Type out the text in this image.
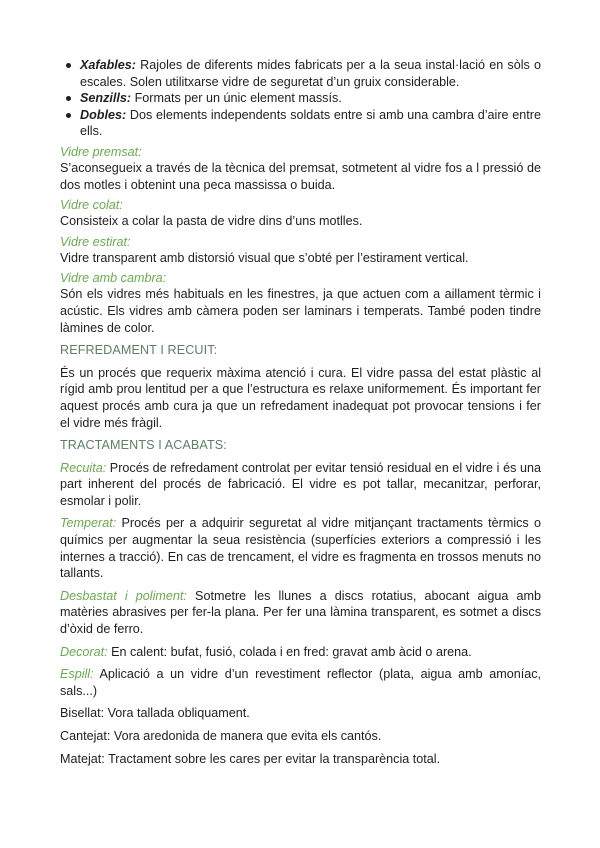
Xafables: Rajoles de diferents mides fabricats per a la seua instal·lació en sòls o escales. Solen utilitxarse vidre de seguretat d’un gruix considerable.
Senzills: Formats per un únic element massís.
Dobles: Dos elements independents soldats entre si amb una cambra d’aire entre ells.
Vidre premsat:

S’aconsegueix a través de la tècnica del premsat, sotmetent al vidre fos a l pressió de dos motles i obtenint una peca massissa o buida.

Vidre colat:

Consisteix a colar la pasta de vidre dins d’uns motlles.

Vidre estirat:

Vidre transparent amb distorsió visual que s’obté per l’estirament vertical.

Vidre amb cambra:

Són els vidres més habituals en les finestres, ja que actuen com a aillament tèrmic i acústic. Els vidres amb càmera poden ser laminars i temperats. També poden tindre làmines de color.

REFREDAMENT I RECUIT:

És un procés que requerix màxima atenció i cura. El vidre passa del estat plàstic al rígid amb prou lentitud per a que l’estructura es relaxe uniformement. És important fer aquest procés amb cura ja que un refredament inadequat pot provocar tensions i fer el vidre més fràgil.

TRACTAMENTS I ACABATS:
Recuita: Procés de refredament controlat per evitar tensió residual en el vidre i és una part inherent del procés de fabricació. El vidre es pot tallar, mecanitzar, perforar, esmolar i polir.
Temperat: Procés per a adquirir seguretat al vidre mitjançant tractaments tèrmics o químics per augmentar la seua resistència (superfícies exteriors a compressió i les internes a tracció). En cas de trencament, el vidre es fragmenta en trossos menuts no tallants.
Desbastat i poliment: Sotmetre les llunes a discs rotatius, abocant aigua amb matèries abrasives per fer-la plana. Per fer una làmina transparent, es sotmet a discs d’òxid de ferro.
Decorat: En calent: bufat, fusió, colada i en fred: gravat amb àcid o arena.
Espill: Aplicació a un vidre d’un revestiment reflector (plata, aigua amb amoníac, sals...)
Bisellat: Vora tallada obliquament.
Cantejat: Vora aredonida de manera que evita els cantós.
Matejat: Tractament sobre les cares per evitar la transparència total.
